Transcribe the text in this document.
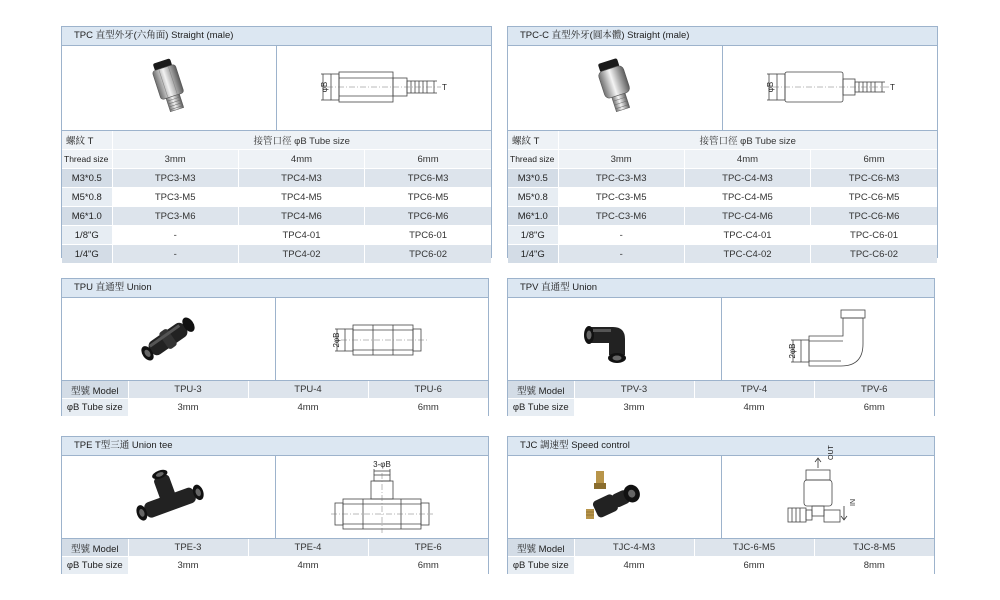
TPC 直型外牙(六角面) Straight (male)
φB	T
螺紋 T	接管口徑 φB Tube size		
Thread size	3mm	4mm	6mm
M3*0.5	TPC3-M3	TPC4-M3	TPC6-M3
M5*0.8	TPC3-M5	TPC4-M5	TPC6-M5
M6*1.0	TPC3-M6	TPC4-M6	TPC6-M6
1/8"G	-	TPC4-01	TPC6-01
1/4"G	-	TPC4-02	TPC6-02
TPC-C 直型外牙(圓本體) Straight (male)
φB	T
螺紋 T	接管口徑 φB Tube size		
Thread size	3mm	4mm	6mm
M3*0.5	TPC-C3-M3	TPC-C4-M3	TPC-C6-M3
M5*0.8	TPC-C3-M5	TPC-C4-M5	TPC-C6-M5
M6*1.0	TPC-C3-M6	TPC-C4-M6	TPC-C6-M6
1/8"G	-	TPC-C4-01	TPC-C6-01
1/4"G	-	TPC-C4-02	TPC-C6-02
TPU 直通型 Union
2φB
型號 Model	TPU-3	TPU-4	TPU-6
φB Tube size	3mm	4mm	6mm
TPV 直通型 Union
2φB
型號 Model	TPV-3	TPV-4	TPV-6
φB Tube size	3mm	4mm	6mm
TPE T型三通 Union tee
3-φB
型號 Model	TPE-3	TPE-4	TPE-6
φB Tube size	3mm	4mm	6mm
TJC 調速型 Speed control	OUT
IN
型號 Model	TJC-4-M3	TJC-6-M5	TJC-8-M5
φB Tube size	4mm	6mm	8mm
